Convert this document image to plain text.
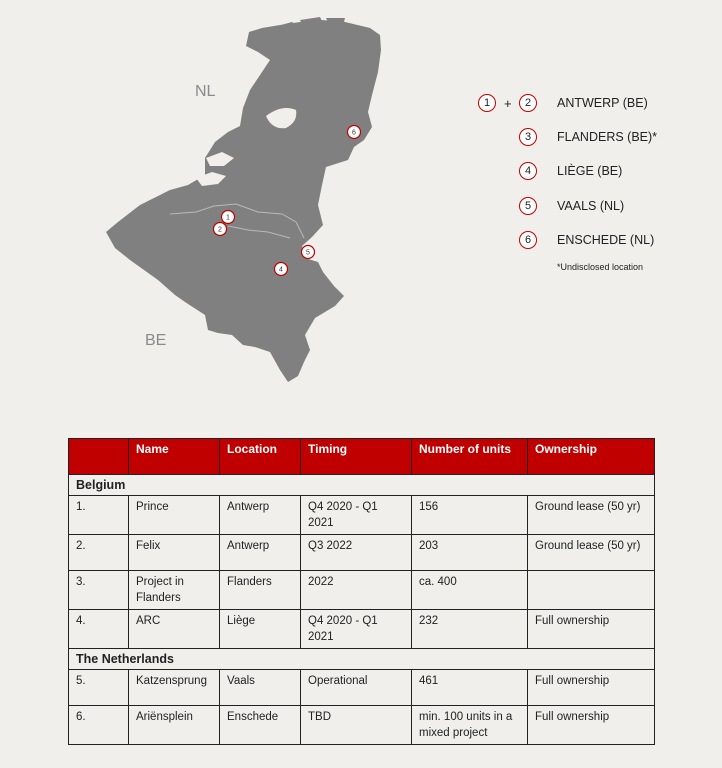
1
2
4
5
6
NL
BE
1	+	2	ANTWERP (BE)
3	FLANDERS (BE)*
4	LIÈGE (BE)
5	VAALS (NL)
6	ENSCHEDE (NL)
*Undisclosed location
	Name	Location	Timing	Number of units	Ownership
Belgium					
1.	Prince	Antwerp	Q4 2020 - Q1 2021	156	Ground lease (50 yr)
2.	Felix	Antwerp	Q3 2022	203	Ground lease (50 yr)
3.	Project in Flanders	Flanders	2022	ca. 400	
4.	ARC	Liège	Q4 2020 - Q1 2021	232	Full ownership
The Netherlands					
5.	Katzensprung	Vaals	Operational	461	Full ownership
6.	Ariënsplein	Enschede	TBD	min. 100 units in a mixed project	Full ownership
